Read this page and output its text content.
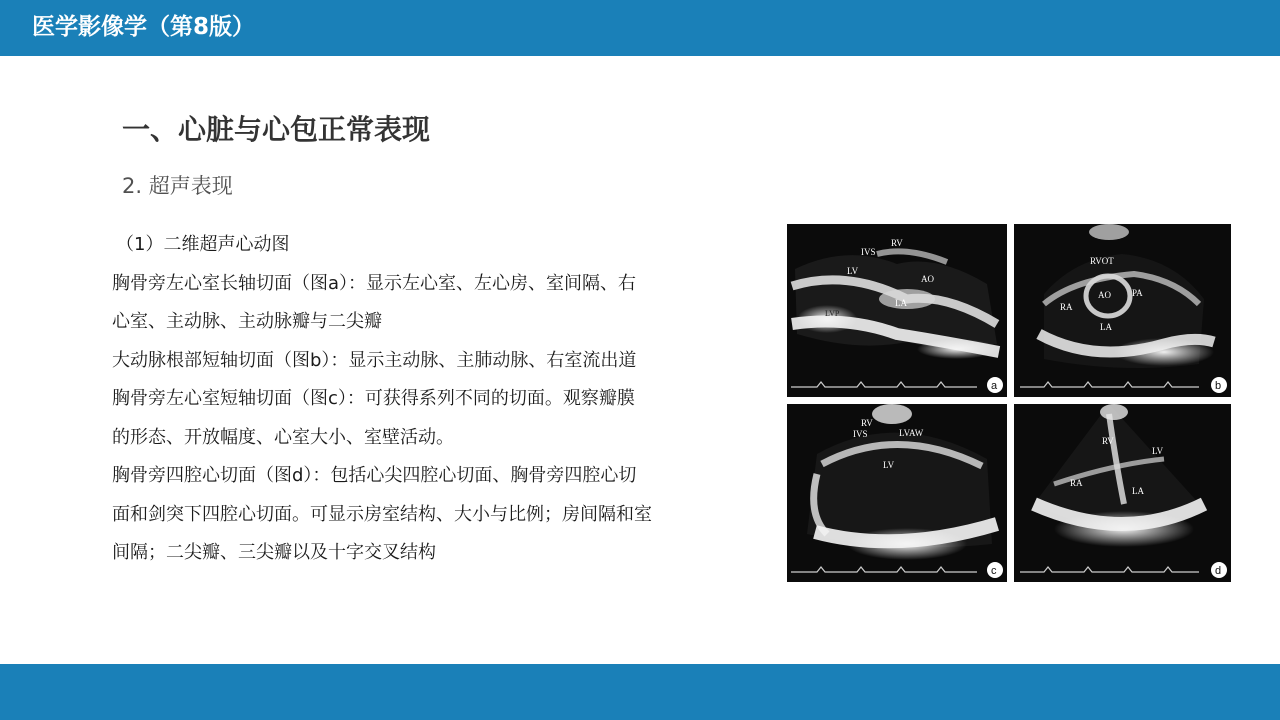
医学影像学（第8版）
一、心脏与心包正常表现
2. 超声表现
（1）二维超声心动图
胸骨旁左心室长轴切面（图a）：显示左心室、左心房、室间隔、右
心室、主动脉、主动脉瓣与二尖瓣
大动脉根部短轴切面（图b）：显示主动脉、主肺动脉、右室流出道
胸骨旁左心室短轴切面（图c）：可获得系列不同的切面。观察瓣膜
的形态、开放幅度、心室大小、室壁活动。
胸骨旁四腔心切面（图d）：包括心尖四腔心切面、胸骨旁四腔心切
面和剑突下四腔心切面。可显示房室结构、大小与比例；房间隔和室
间隔；二尖瓣、三尖瓣以及十字交叉结构
RV
IVS
LV
AO
LA
LVP
a
RVOT
AO PA
RA
LA
b
RV
IVS	LVAW
LV
c
RV
LV
RA
LA
d
